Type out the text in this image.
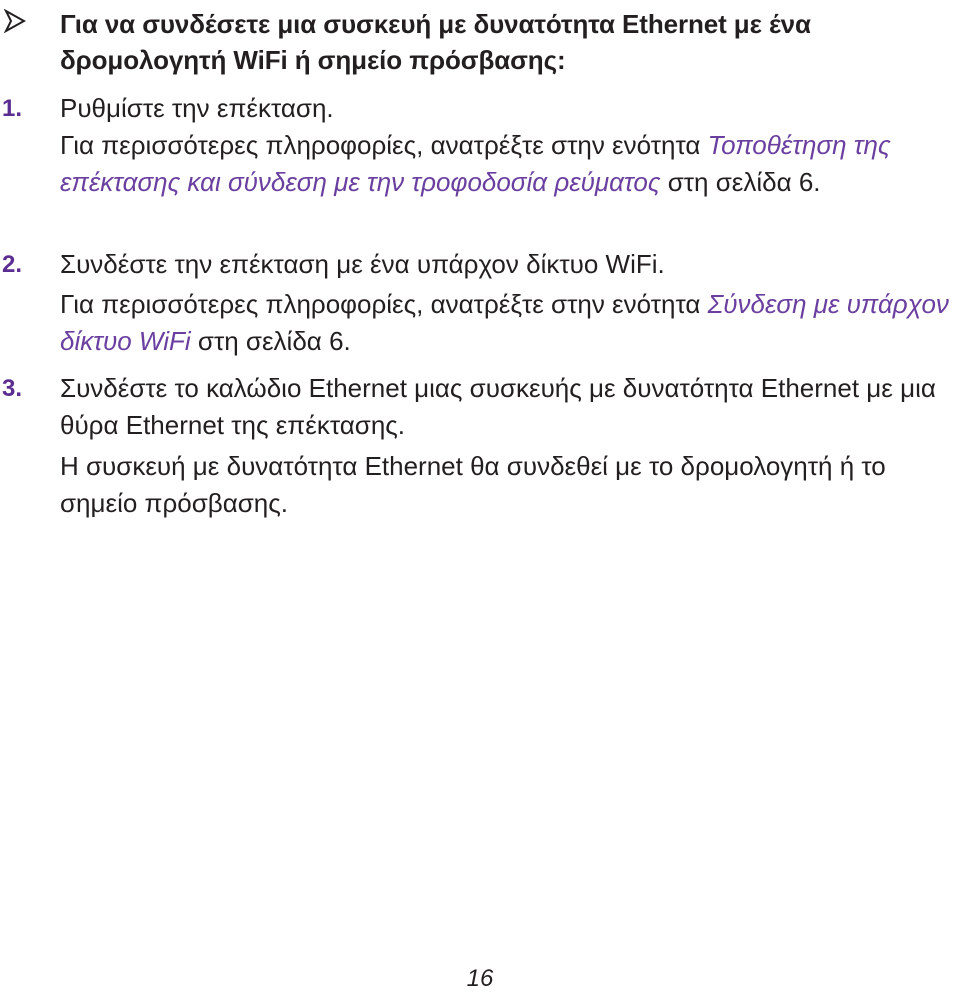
Για να συνδέσετε μια συσκευή με δυνατότητα Ethernet με ένα δρομολογητή WiFi ή σημείο πρόσβασης:
1. Ρυθμίστε την επέκταση.
Για περισσότερες πληροφορίες, ανατρέξτε στην ενότητα Τοποθέτηση της επέκτασης και σύνδεση με την τροφοδοσία ρεύματος στη σελίδα 6.
2. Συνδέστε την επέκταση με ένα υπάρχον δίκτυο WiFi.
Για περισσότερες πληροφορίες, ανατρέξτε στην ενότητα Σύνδεση με υπάρχον δίκτυο WiFi στη σελίδα 6.
3. Συνδέστε το καλώδιο Ethernet μιας συσκευής με δυνατότητα Ethernet με μια θύρα Ethernet της επέκτασης.
Η συσκευή με δυνατότητα Ethernet θα συνδεθεί με το δρομολογητή ή το σημείο πρόσβασης.
16
